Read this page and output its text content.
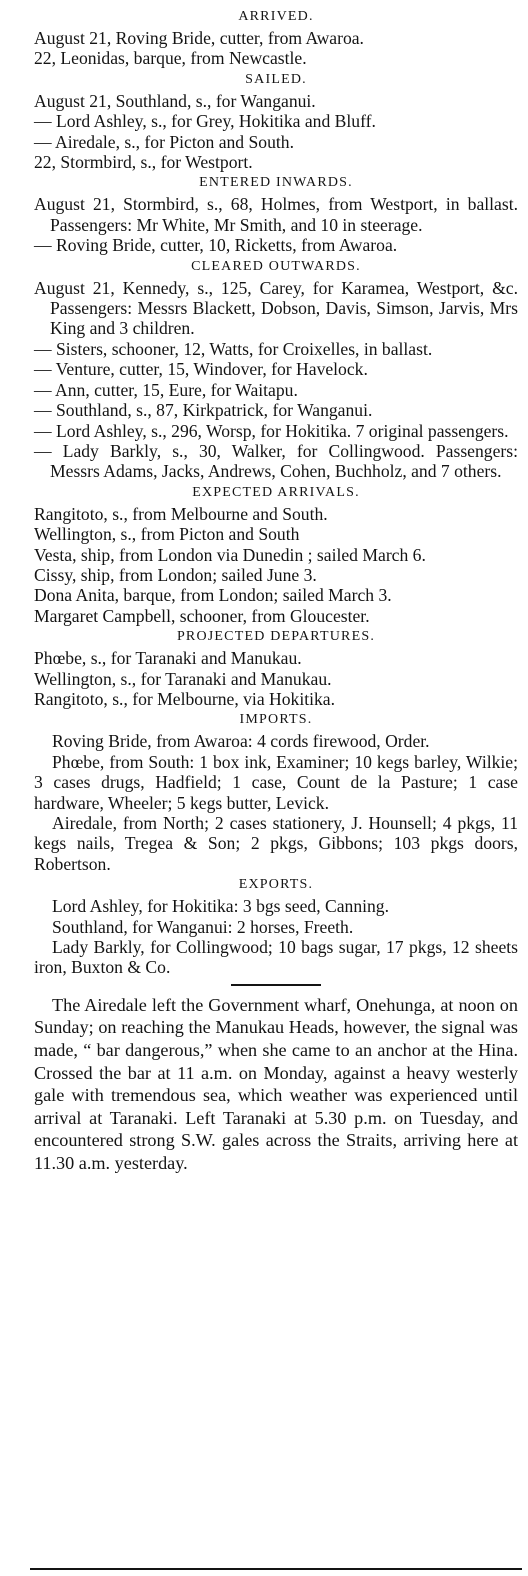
ARRIVED.

August 21, Roving Bride, cutter, from Awaroa.

22, Leonidas, barque, from Newcastle.

SAILED.

August 21, Southland, s., for Wanganui.

— Lord Ashley, s., for Grey, Hokitika and Bluff.

— Airedale, s., for Picton and South.

22, Stormbird, s., for Westport.

ENTERED INWARDS.

August 21, Stormbird, s., 68, Holmes, from Westport, in ballast. Passengers: Mr White, Mr Smith, and 10 in steerage.

— Roving Bride, cutter, 10, Ricketts, from Awaroa.

CLEARED OUTWARDS.

August 21, Kennedy, s., 125, Carey, for Karamea, Westport, &c. Passengers: Messrs Blackett, Dobson, Davis, Simson, Jarvis, Mrs King and 3 children.

— Sisters, schooner, 12, Watts, for Croixelles, in ballast.

— Venture, cutter, 15, Windover, for Havelock.

— Ann, cutter, 15, Eure, for Waitapu.

— Southland, s., 87, Kirkpatrick, for Wanganui.

— Lord Ashley, s., 296, Worsp, for Hokitika. 7 original passengers.

— Lady Barkly, s., 30, Walker, for Collingwood. Passengers: Messrs Adams, Jacks, Andrews, Cohen, Buchholz, and 7 others.

EXPECTED ARRIVALS.

Rangitoto, s., from Melbourne and South.

Wellington, s., from Picton and South

Vesta, ship, from London via Dunedin ; sailed March 6.

Cissy, ship, from London; sailed June 3.

Dona Anita, barque, from London; sailed March 3.

Margaret Campbell, schooner, from Gloucester.

PROJECTED DEPARTURES.

Phœbe, s., for Taranaki and Manukau.

Wellington, s., for Taranaki and Manukau.

Rangitoto, s., for Melbourne, via Hokitika.

IMPORTS.

Roving Bride, from Awaroa: 4 cords firewood, Order.

Phœbe, from South: 1 box ink, Examiner; 10 kegs barley, Wilkie; 3 cases drugs, Hadfield; 1 case, Count de la Pasture; 1 case hardware, Wheeler; 5 kegs butter, Levick.

Airedale, from North; 2 cases stationery, J. Hounsell; 4 pkgs, 11 kegs nails, Tregea & Son; 2 pkgs, Gibbons; 103 pkgs doors, Robertson.

EXPORTS.

Lord Ashley, for Hokitika: 3 bgs seed, Canning.

Southland, for Wanganui: 2 horses, Freeth.

Lady Barkly, for Collingwood; 10 bags sugar, 17 pkgs, 12 sheets iron, Buxton & Co.

The Airedale left the Government wharf, Onehunga, at noon on Sunday; on reaching the Manukau Heads, however, the signal was made, “ bar dangerous,” when she came to an anchor at the Hina. Crossed the bar at 11 a.m. on Monday, against a heavy westerly gale with tremendous sea, which weather was experienced until arrival at Taranaki. Left Taranaki at 5.30 p.m. on Tuesday, and encountered strong S.W. gales across the Straits, arriving here at 11.30 a.m. yesterday.
